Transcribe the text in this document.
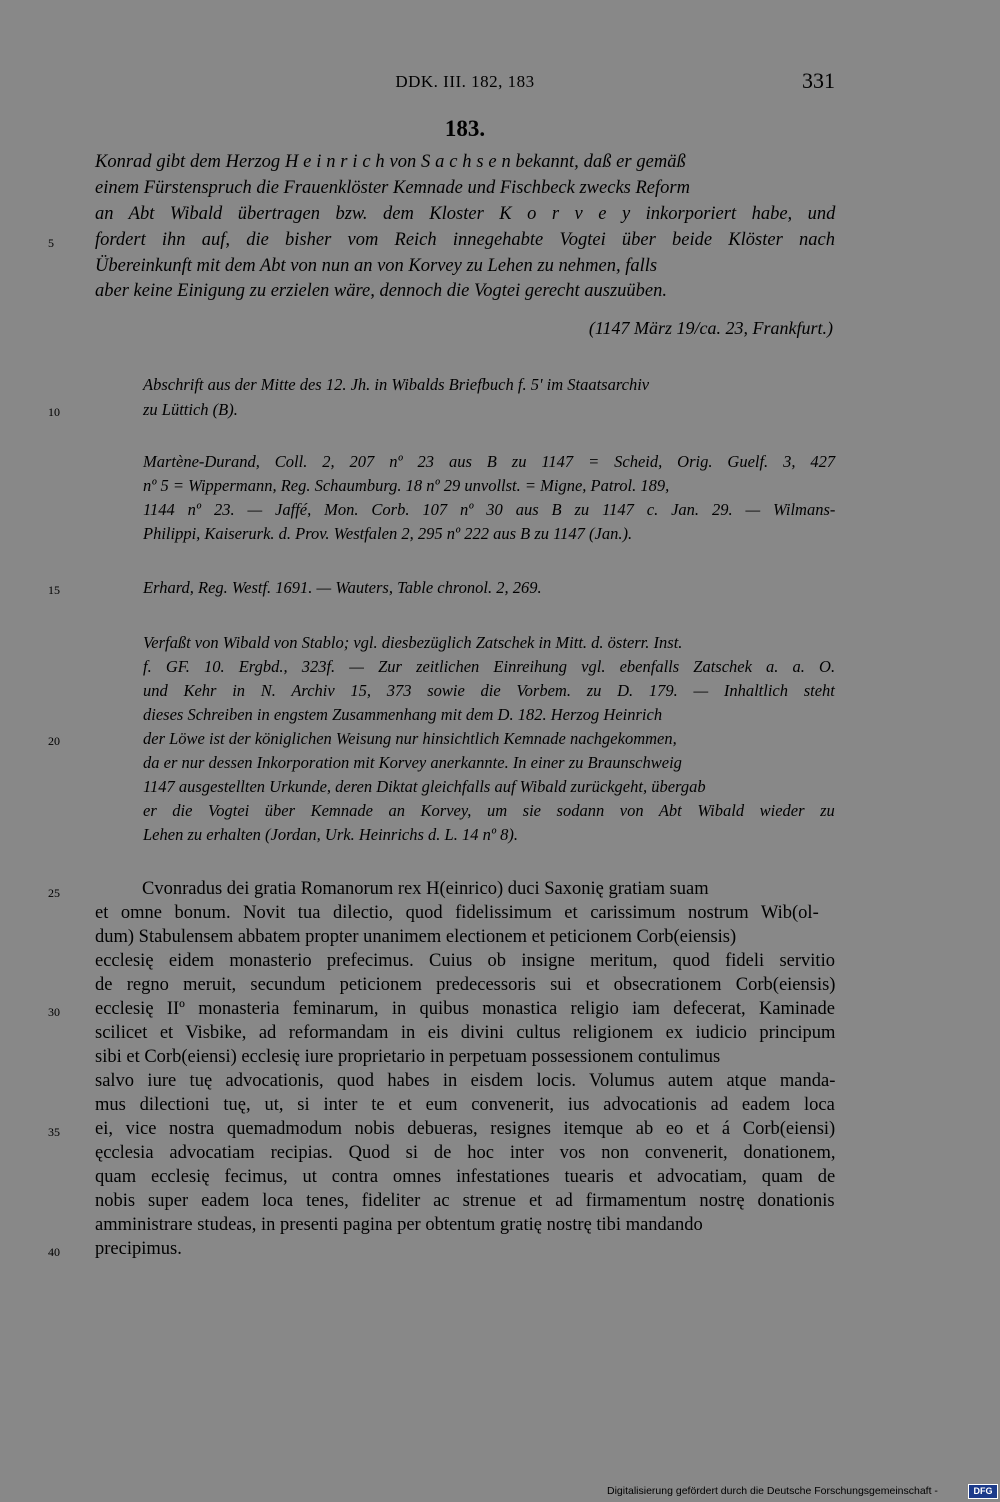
DDK. III. 182, 183	331
183.
Konrad gibt dem Herzog H e i n r i c h von S a c h s e n bekannt, daß er gemäß
einem Fürstenspruch die Frauenklöster Kemnade und Fischbeck zwecks Reform
an Abt Wibald übertragen bzw. dem Kloster K o r v e y inkorporiert habe, und
fordert ihn auf, die bisher vom Reich innegehabte Vogtei über beide Klöster nach
Übereinkunft mit dem Abt von nun an von Korvey zu Lehen zu nehmen, falls
aber keine Einigung zu erzielen wäre, dennoch die Vogtei gerecht auszuüben.
(1147 März 19/ca. 23, Frankfurt.)
Abschrift aus der Mitte des 12. Jh. in Wibalds Briefbuch f. 5' im Staatsarchiv
zu Lüttich (B).
Martène-Durand, Coll. 2, 207 nº 23 aus B zu 1147 = Scheid, Orig. Guelf. 3, 427
nº 5 = Wippermann, Reg. Schaumburg. 18 nº 29 unvollst. = Migne, Patrol. 189,
1144 nº 23. — Jaffé, Mon. Corb. 107 nº 30 aus B zu 1147 c. Jan. 29. — Wilmans-
Philippi, Kaiserurk. d. Prov. Westfalen 2, 295 nº 222 aus B zu 1147 (Jan.).
Erhard, Reg. Westf. 1691. — Wauters, Table chronol. 2, 269.
Verfaßt von Wibald von Stablo; vgl. diesbezüglich Zatschek in Mitt. d. österr. Inst.
f. GF. 10. Ergbd., 323f. — Zur zeitlichen Einreihung vgl. ebenfalls Zatschek a. a. O.
und Kehr in N. Archiv 15, 373 sowie die Vorbem. zu D. 179. — Inhaltlich steht
dieses Schreiben in engstem Zusammenhang mit dem D. 182. Herzog Heinrich
der Löwe ist der königlichen Weisung nur hinsichtlich Kemnade nachgekommen,
da er nur dessen Inkorporation mit Korvey anerkannte. In einer zu Braunschweig
1147 ausgestellten Urkunde, deren Diktat gleichfalls auf Wibald zurückgeht, übergab
er die Vogtei über Kemnade an Korvey, um sie sodann von Abt Wibald wieder zu
Lehen zu erhalten (Jordan, Urk. Heinrichs d. L. 14 nº 8).
Cvonradus dei gratia Romanorum rex H(einrico) duci Saxonię gratiam suam
et omne bonum. Novit tua dilectio, quod fidelissimum et carissimum nostrum Wib(ol-
dum) Stabulensem abbatem propter unanimem electionem et peticionem Corb(eiensis)
ecclesię eidem monasterio prefecimus. Cuius ob insigne meritum, quod fideli servitio
de regno meruit, secundum peticionem predecessoris sui et obsecrationem Corb(eiensis)
ecclesię IIº monasteria feminarum, in quibus monastica religio iam defecerat, Kaminade
scilicet et Visbike, ad reformandam in eis divini cultus religionem ex iudicio principum
sibi et Corb(eiensi) ecclesię iure proprietario in perpetuam possessionem contulimus
salvo iure tuę advocationis, quod habes in eisdem locis. Volumus autem atque manda-
mus dilectioni tuę, ut, si inter te et eum convenerit, ius advocationis ad eadem loca
ei, vice nostra quemadmodum nobis debueras, resignes itemque ab eo et á Corb(eiensi)
ęcclesia advocatiam recipias. Quod si de hoc inter vos non convenerit, donationem,
quam ecclesię fecimus, ut contra omnes infestationes tuearis et advocatiam, quam de
nobis super eadem loca tenes, fideliter ac strenue et ad firmamentum nostrę donationis
amministrare studeas, in presenti pagina per obtentum gratię nostrę tibi mandando
precipimus.
5
10
15
20
25
30
35
40
Digitalisierung gefördert durch die Deutsche Forschungsgemeinschaft -	DFG
